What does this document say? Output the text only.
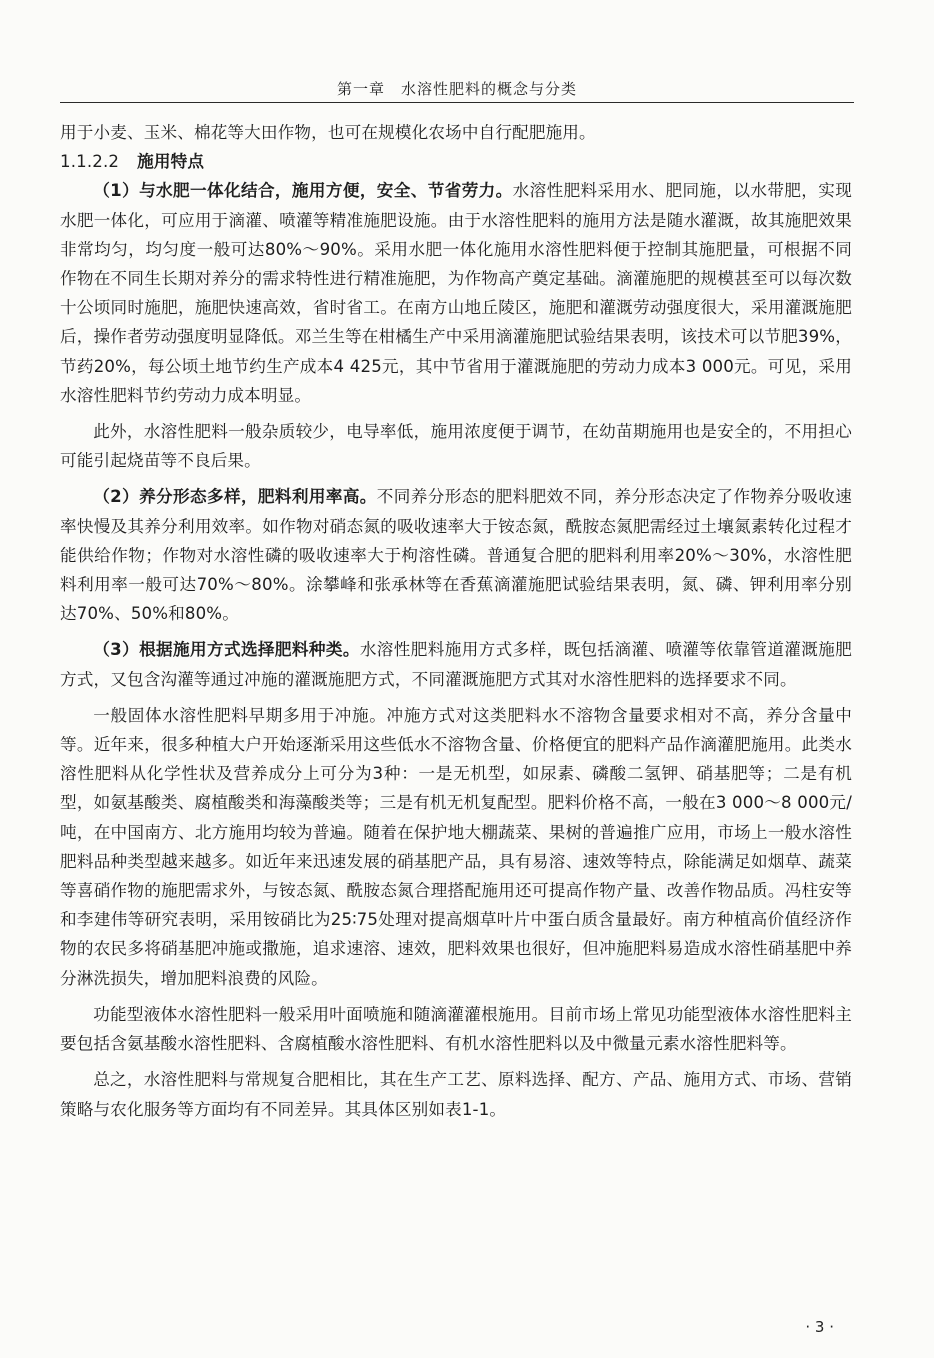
第一章　水溶性肥料的概念与分类

用于小麦、玉米、棉花等大田作物，也可在规模化农场中自行配肥施用。

1.1.2.2 施用特点

（1）与水肥一体化结合，施用方便，安全、节省劳力。水溶性肥料采用水、肥同施，以水带肥，实现水肥一体化，可应用于滴灌、喷灌等精准施肥设施。由于水溶性肥料的施用方法是随水灌溉，故其施肥效果非常均匀，均匀度一般可达80%～90%。采用水肥一体化施用水溶性肥料便于控制其施肥量，可根据不同作物在不同生长期对养分的需求特性进行精准施肥，为作物高产奠定基础。滴灌施肥的规模甚至可以每次数十公顷同时施肥，施肥快速高效，省时省工。在南方山地丘陵区，施肥和灌溉劳动强度很大，采用灌溉施肥后，操作者劳动强度明显降低。邓兰生等在柑橘生产中采用滴灌施肥试验结果表明，该技术可以节肥39%，节药20%，每公顷土地节约生产成本4 425元，其中节省用于灌溉施肥的劳动力成本3 000元。可见，采用水溶性肥料节约劳动力成本明显。

此外，水溶性肥料一般杂质较少，电导率低，施用浓度便于调节，在幼苗期施用也是安全的，不用担心可能引起烧苗等不良后果。

（2）养分形态多样，肥料利用率高。不同养分形态的肥料肥效不同，养分形态决定了作物养分吸收速率快慢及其养分利用效率。如作物对硝态氮的吸收速率大于铵态氮，酰胺态氮肥需经过土壤氮素转化过程才能供给作物；作物对水溶性磷的吸收速率大于枸溶性磷。普通复合肥的肥料利用率20%～30%，水溶性肥料利用率一般可达70%～80%。涂攀峰和张承林等在香蕉滴灌施肥试验结果表明，氮、磷、钾利用率分别达70%、50%和80%。

（3）根据施用方式选择肥料种类。水溶性肥料施用方式多样，既包括滴灌、喷灌等依靠管道灌溉施肥方式，又包含沟灌等通过冲施的灌溉施肥方式，不同灌溉施肥方式其对水溶性肥料的选择要求不同。

一般固体水溶性肥料早期多用于冲施。冲施方式对这类肥料水不溶物含量要求相对不高，养分含量中等。近年来，很多种植大户开始逐渐采用这些低水不溶物含量、价格便宜的肥料产品作滴灌肥施用。此类水溶性肥料从化学性状及营养成分上可分为3种：一是无机型，如尿素、磷酸二氢钾、硝基肥等；二是有机型，如氨基酸类、腐植酸类和海藻酸类等；三是有机无机复配型。肥料价格不高，一般在3 000～8 000元/吨，在中国南方、北方施用均较为普遍。随着在保护地大棚蔬菜、果树的普遍推广应用，市场上一般水溶性肥料品种类型越来越多。如近年来迅速发展的硝基肥产品，具有易溶、速效等特点，除能满足如烟草、蔬菜等喜硝作物的施肥需求外，与铵态氮、酰胺态氮合理搭配施用还可提高作物产量、改善作物品质。冯柱安等和李建伟等研究表明，采用铵硝比为25∶75处理对提高烟草叶片中蛋白质含量最好。南方种植高价值经济作物的农民多将硝基肥冲施或撒施，追求速溶、速效，肥料效果也很好，但冲施肥料易造成水溶性硝基肥中养分淋洗损失，增加肥料浪费的风险。

功能型液体水溶性肥料一般采用叶面喷施和随滴灌灌根施用。目前市场上常见功能型液体水溶性肥料主要包括含氨基酸水溶性肥料、含腐植酸水溶性肥料、有机水溶性肥料以及中微量元素水溶性肥料等。

总之，水溶性肥料与常规复合肥相比，其在生产工艺、原料选择、配方、产品、施用方式、市场、营销策略与农化服务等方面均有不同差异。其具体区别如表1-1。

· 3 ·
